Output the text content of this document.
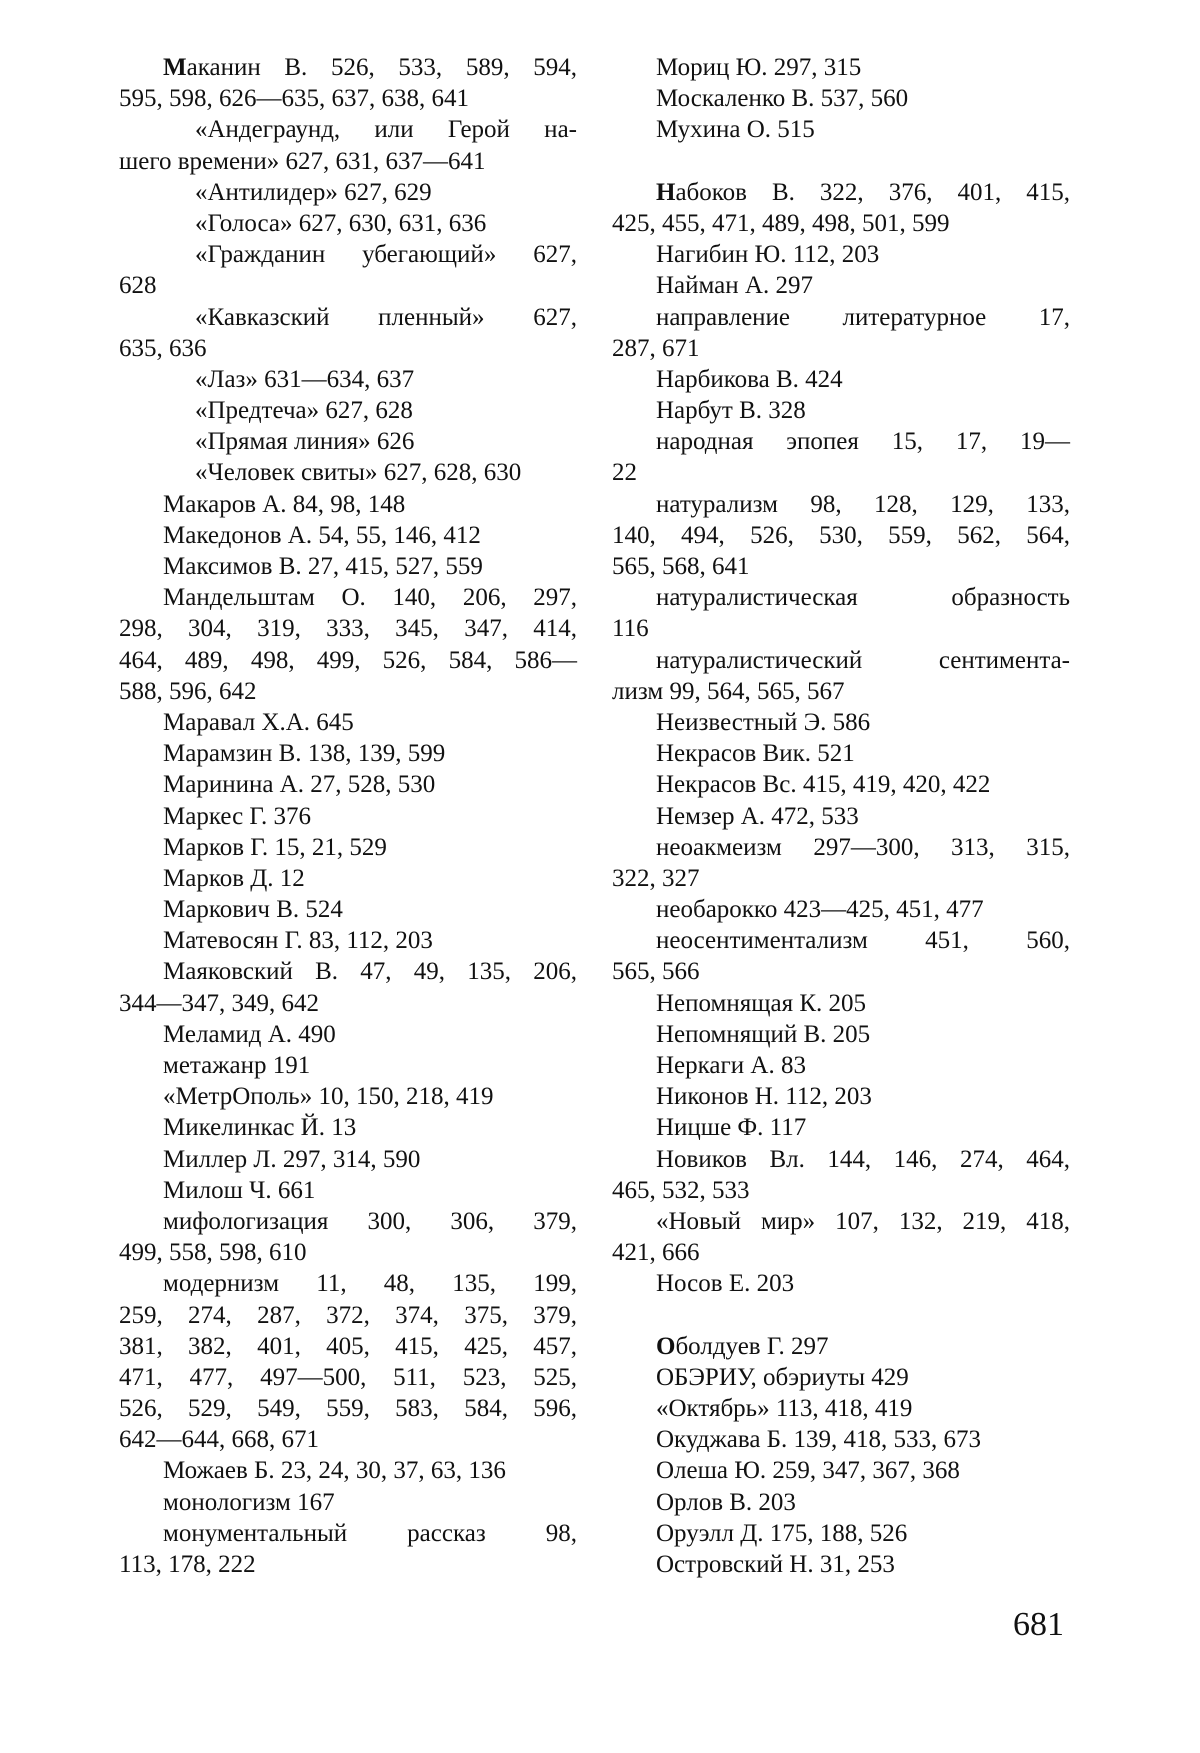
Маканин В. 526, 533, 589, 594,
595, 598, 626—635, 637, 638, 641
«Андеграунд, или Герой на-
шего времени» 627, 631, 637—641
«Антилидер» 627, 629
«Голоса» 627, 630, 631, 636
«Гражданин убегающий» 627,
628
«Кавказский пленный» 627,
635, 636
«Лаз» 631—634, 637
«Предтеча» 627, 628
«Прямая линия» 626
«Человек свиты» 627, 628, 630
Макаров А. 84, 98, 148
Македонов А. 54, 55, 146, 412
Максимов В. 27, 415, 527, 559
Мандельштам О. 140, 206, 297,
298, 304, 319, 333, 345, 347, 414,
464, 489, 498, 499, 526, 584, 586—
588, 596, 642
Маравал Х.А. 645
Марамзин В. 138, 139, 599
Маринина А. 27, 528, 530
Маркес Г. 376
Марков Г. 15, 21, 529
Марков Д. 12
Маркович В. 524
Матевосян Г. 83, 112, 203
Маяковский В. 47, 49, 135, 206,
344—347, 349, 642
Меламид А. 490
метажанр 191
«МетрОполь» 10, 150, 218, 419
Микелинкас Й. 13
Миллер Л. 297, 314, 590
Милош Ч. 661
мифологизация 300, 306, 379,
499, 558, 598, 610
модернизм 11, 48, 135, 199,
259, 274, 287, 372, 374, 375, 379,
381, 382, 401, 405, 415, 425, 457,
471, 477, 497—500, 511, 523, 525,
526, 529, 549, 559, 583, 584, 596,
642—644, 668, 671
Можаев Б. 23, 24, 30, 37, 63, 136
монологизм 167
монументальный рассказ 98,
113, 178, 222
Мориц Ю. 297, 315
Москаленко В. 537, 560
Мухина О. 515
Набоков В. 322, 376, 401, 415,
425, 455, 471, 489, 498, 501, 599
Нагибин Ю. 112, 203
Найман А. 297
направление литературное 17,
287, 671
Нарбикова В. 424
Нарбут В. 328
народная эпопея 15, 17, 19—
22
натурализм 98, 128, 129, 133,
140, 494, 526, 530, 559, 562, 564,
565, 568, 641
натуралистическая образность
116
натуралистический сентимента-
лизм 99, 564, 565, 567
Неизвестный Э. 586
Некрасов Вик. 521
Некрасов Вс. 415, 419, 420, 422
Немзер А. 472, 533
неоакмеизм 297—300, 313, 315,
322, 327
необарокко 423—425, 451, 477
неосентиментализм 451, 560,
565, 566
Непомнящая К. 205
Непомнящий В. 205
Неркаги А. 83
Никонов Н. 112, 203
Ницше Ф. 117
Новиков Вл. 144, 146, 274, 464,
465, 532, 533
«Новый мир» 107, 132, 219, 418,
421, 666
Носов Е. 203
Оболдуев Г. 297
ОБЭРИУ, обэриуты 429
«Октябрь» 113, 418, 419
Окуджава Б. 139, 418, 533, 673
Олеша Ю. 259, 347, 367, 368
Орлов В. 203
Оруэлл Д. 175, 188, 526
Островский Н. 31, 253
681
